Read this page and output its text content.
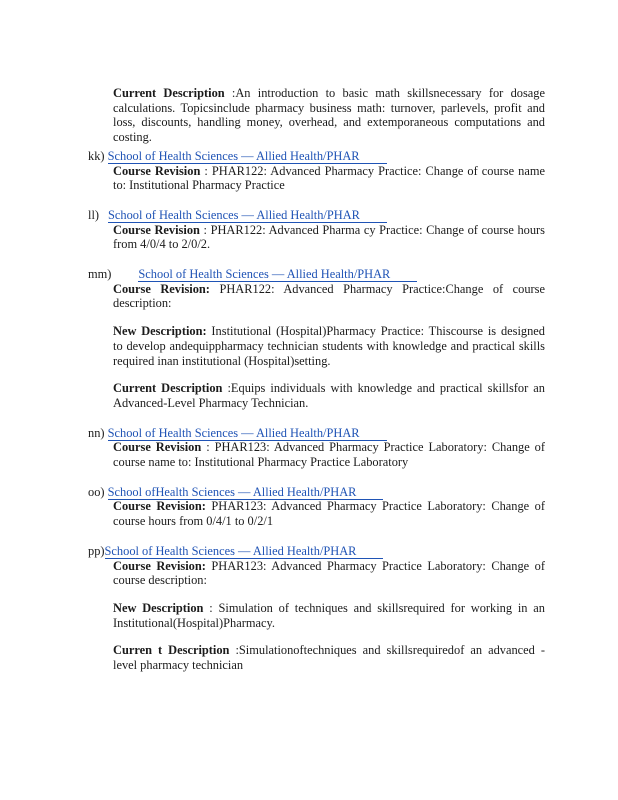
Current Description :An introduction to basic math skillsnecessary for dosage calculations. Topicsinclude pharmacy business math: turnover, parlevels, profit and loss, discounts, handling money, overhead, and extemporaneous computations and costing.

kk) School of Health Sciences — Allied Health/PHAR

Course Revision : PHAR122: Advanced Pharmacy Practice: Change of course name to: Institutional Pharmacy Practice

ll) School of Health Sciences — Allied Health/PHAR

Course Revision : PHAR122: Advanced Pharma cy Practice: Change of course hours from 4/0/4 to 2/0/2.

mm) School of Health Sciences — Allied Health/PHAR

Course Revision: PHAR122: Advanced Pharmacy Practice:Change of course description:

New Description: Institutional (Hospital)Pharmacy Practice: Thiscourse is designed to develop andequippharmacy technician students with knowledge and practical skills required inan institutional (Hospital)setting.

Current Description :Equips individuals with knowledge and practical skillsfor an Advanced-Level Pharmacy Technician.

nn) School of Health Sciences — Allied Health/PHAR

Course Revision : PHAR123: Advanced Pharmacy Practice Laboratory: Change of course name to: Institutional Pharmacy Practice Laboratory

oo) School ofHealth Sciences — Allied Health/PHAR

Course Revision: PHAR123: Advanced Pharmacy Practice Laboratory: Change of course hours from 0/4/1 to 0/2/1

pp)School of Health Sciences — Allied Health/PHAR

Course Revision: PHAR123: Advanced Pharmacy Practice Laboratory: Change of course description:

New Description : Simulation of techniques and skillsrequired for working in an Institutional(Hospital)Pharmacy.

Curren t Description :Simulationoftechniques and skillsrequiredof an advanced - level pharmacy technician
